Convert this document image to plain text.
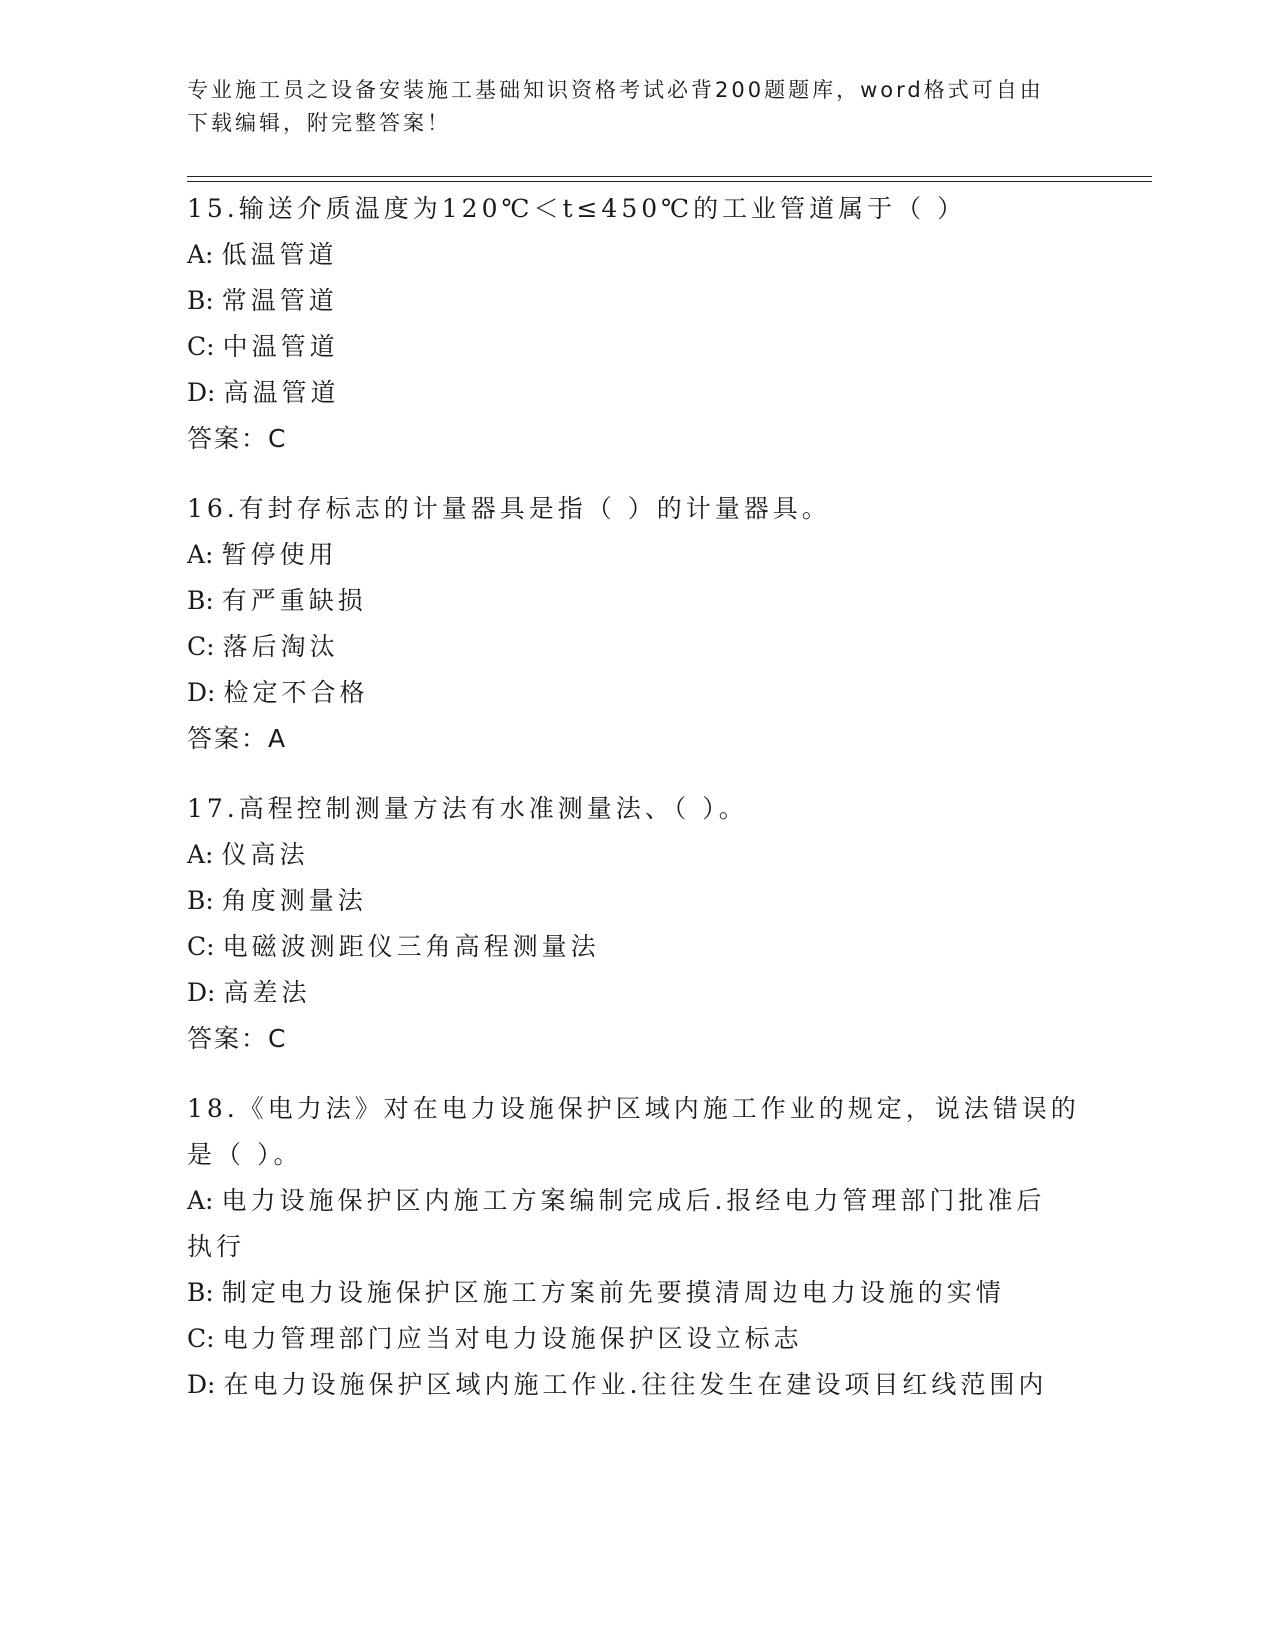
专业施工员之设备安装施工基础知识资格考试必背200题题库，word格式可自由
下载编辑，附完整答案！
15.输送介质温度为120℃＜t≤450℃的工业管道属于（ ）
A: 低温管道
B: 常温管道
C: 中温管道
D: 高温管道
答案：C
16.有封存标志的计量器具是指（ ）的计量器具。
A: 暂停使用
B: 有严重缺损
C: 落后淘汰
D: 检定不合格
答案：A
17.高程控制测量方法有水准测量法、（ ）。
A: 仪高法
B: 角度测量法
C: 电磁波测距仪三角高程测量法
D: 高差法
答案：C
18.《电力法》对在电力设施保护区域内施工作业的规定，说法错误的
是（ ）。
A: 电力设施保护区内施工方案编制完成后.报经电力管理部门批准后
执行
B: 制定电力设施保护区施工方案前先要摸清周边电力设施的实情
C: 电力管理部门应当对电力设施保护区设立标志
D: 在电力设施保护区域内施工作业.往往发生在建设项目红线范围内
